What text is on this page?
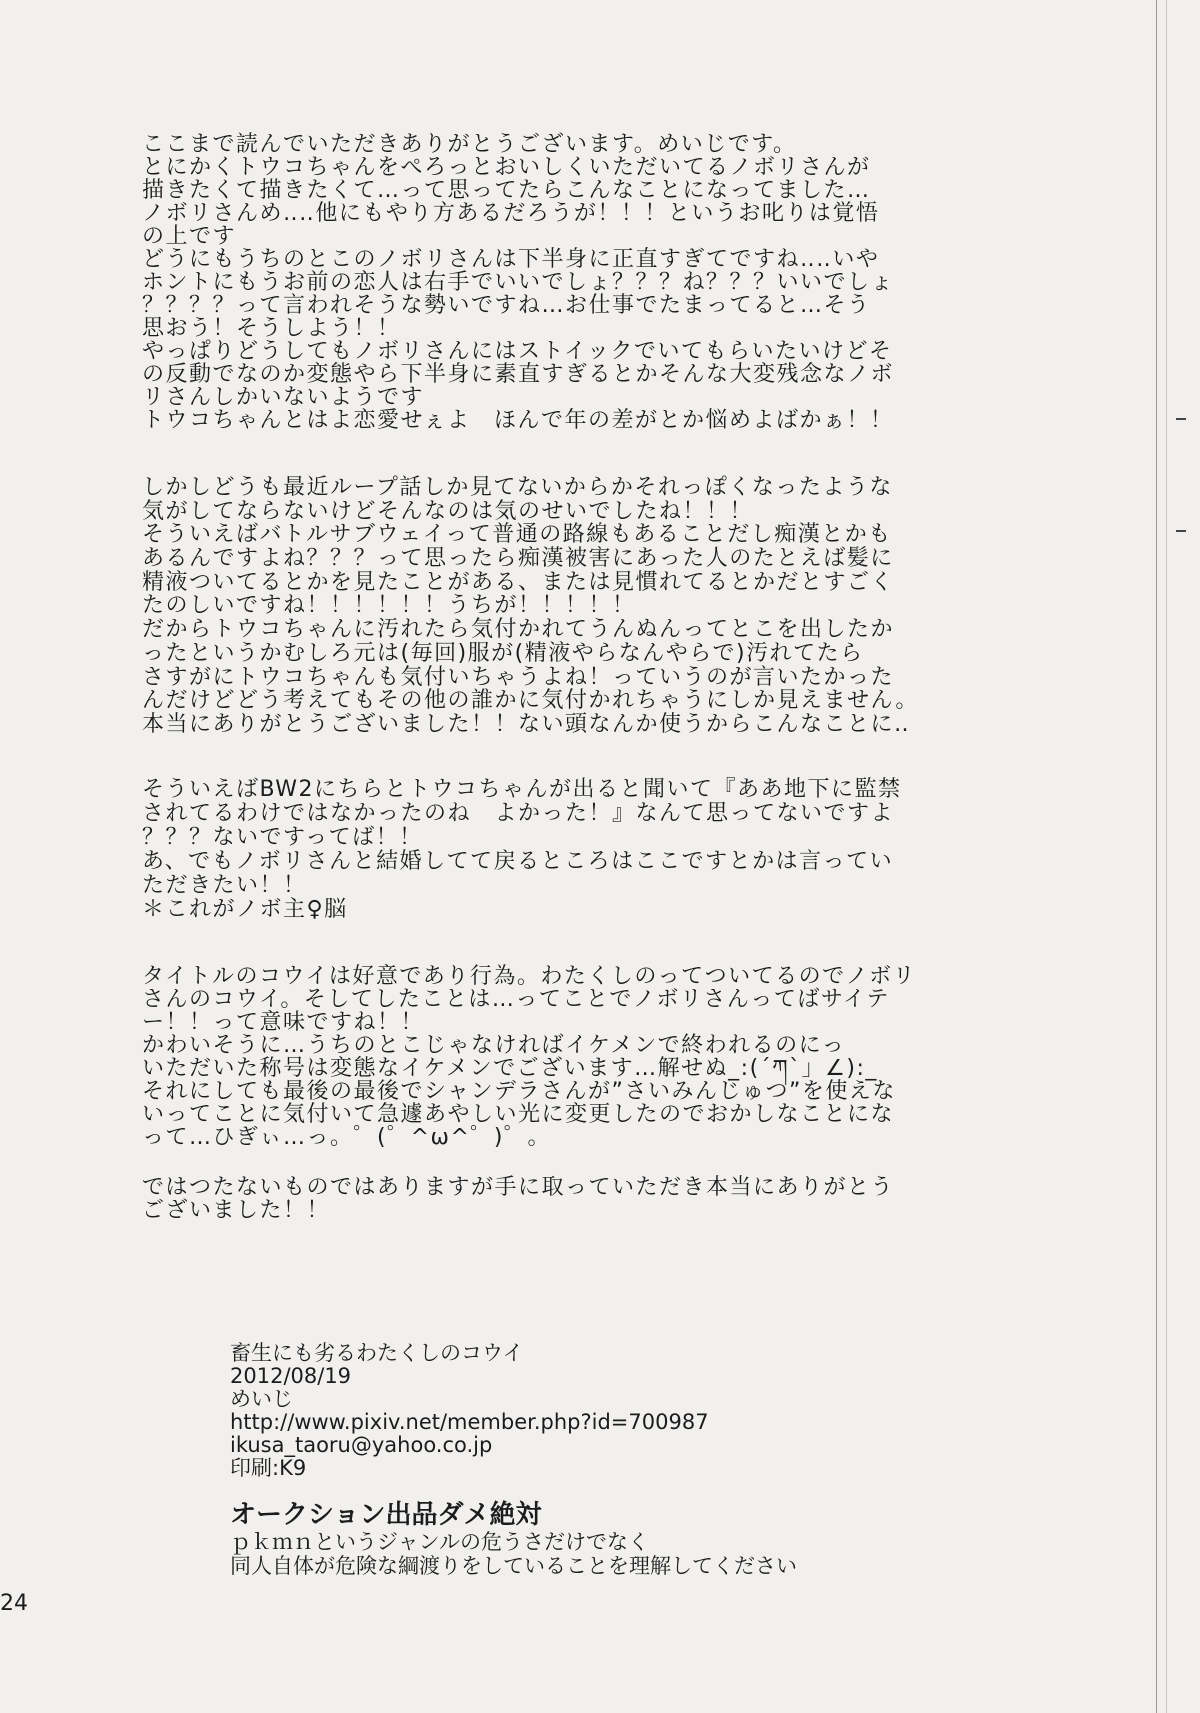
ここまで読んでいただきありがとうございます。めいじです。
とにかくトウコちゃんをぺろっとおいしくいただいてるノボリさんが
描きたくて描きたくて…って思ってたらこんなことになってました…
ノボリさんめ‥‥他にもやり方あるだろうが！！！というお叱りは覚悟
の上です
どうにもうちのとこのノボリさんは下半身に正直すぎてですね‥‥いや
ホントにもうお前の恋人は右手でいいでしょ？？？ね？？？いいでしょ
？？？？って言われそうな勢いですね…お仕事でたまってると…そう
思おう！そうしよう！！
やっぱりどうしてもノボリさんにはストイックでいてもらいたいけどそ
の反動でなのか変態やら下半身に素直すぎるとかそんな大変残念なノボ
リさんしかいないようです
トウコちゃんとはよ恋愛せぇよ　ほんで年の差がとか悩めよばかぁ！！
しかしどうも最近ループ話しか見てないからかそれっぽくなったような
気がしてならないけどそんなのは気のせいでしたね！！！
そういえばバトルサブウェイって普通の路線もあることだし痴漢とかも
あるんですよね？？？って思ったら痴漢被害にあった人のたとえば髪に
精液ついてるとかを見たことがある、または見慣れてるとかだとすごく
たのしいですね！！！！！！うちが！！！！！
だからトウコちゃんに汚れたら気付かれてうんぬんってとこを出したか
ったというかむしろ元は(毎回)服が(精液やらなんやらで)汚れてたら
さすがにトウコちゃんも気付いちゃうよね！っていうのが言いたかった
んだけどどう考えてもその他の誰かに気付かれちゃうにしか見えません。
本当にありがとうございました！！ない頭なんか使うからこんなことに‥
そういえばBW2にちらとトウコちゃんが出ると聞いて『ああ地下に監禁
されてるわけではなかったのね　よかった！』なんて思ってないですよ
？？？ないですってば！！
あ、でもノボリさんと結婚してて戻るところはここですとかは言ってい
ただきたい！！
＊これがノボ主♀脳
タイトルのコウイは好意であり行為。わたくしのってついてるのでノボリ
さんのコウイ。そしてしたことは…ってことでノボリさんってばサイテ
ー！！って意味ですね！！
かわいそうに…うちのとこじゃなければイケメンで終われるのにっ
いただいた称号は変態なイケメンでございます…解せぬ_:(´ཀ`」∠):_
それにしても最後の最後でシャンデラさんが”さいみんじゅつ”を使えな
いってことに気付いて急遽あやしい光に変更したのでおかしなことにな
って…ひぎぃ…っ。゜(゜^ω^゜)゜。
ではつたないものではありますが手に取っていただき本当にありがとう
ございました！！
畜生にも劣るわたくしのコウイ
2012/08/19
めいじ
http://www.pixiv.net/member.php?id=700987
ikusa_taoru@yahoo.co.jp
印刷:K9
オークション出品ダメ絶対
ｐｋｍｎというジャンルの危うさだけでなく
同人自体が危険な綱渡りをしていることを理解してください
24
